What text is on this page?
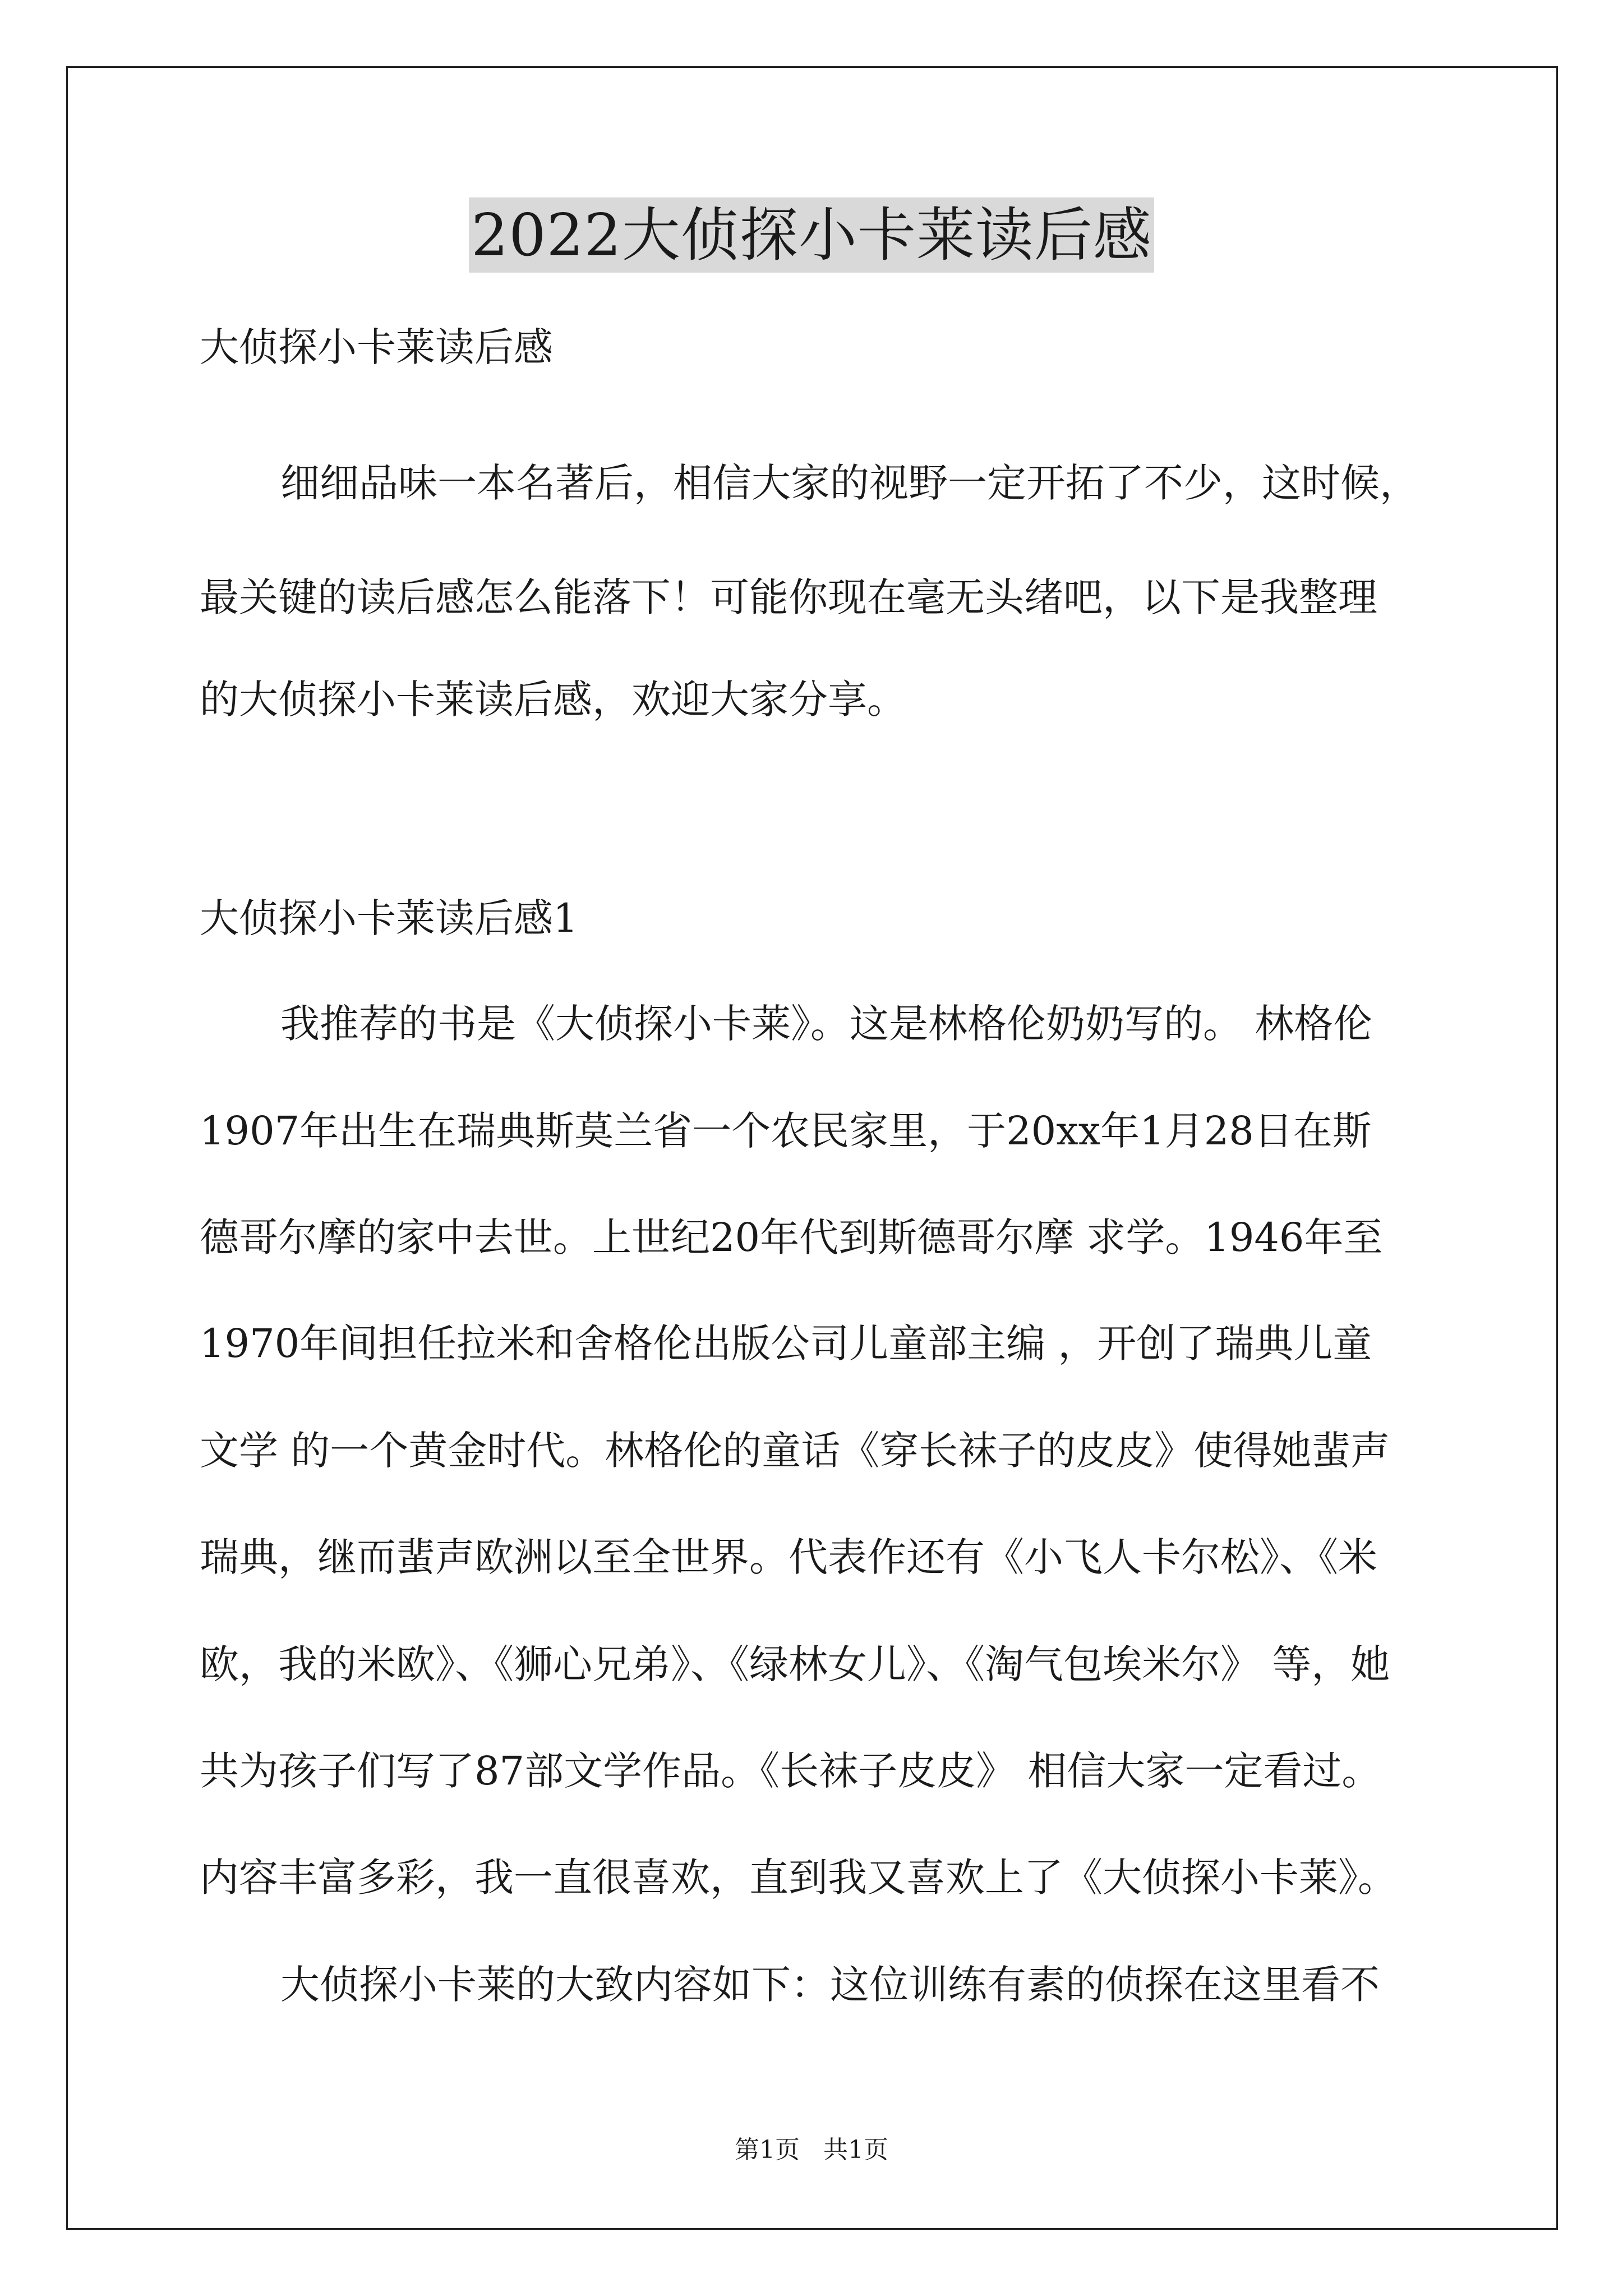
2022大侦探小卡莱读后感
大侦探小卡莱读后感
细细品味一本名著后，相信大家的视野一定开拓了不少，这时候，
最关键的读后感怎么能落下！可能你现在毫无头绪吧，以下是我整理
的大侦探小卡莱读后感，欢迎大家分享。
大侦探小卡莱读后感1
我推荐的书是《大侦探小卡莱》。这是林格伦奶奶写的。 林格伦
1907年出生在瑞典斯莫兰省一个农民家里，于20xx年1月28日在斯
德哥尔摩的家中去世。上世纪20年代到斯德哥尔摩 求学。1946年至
1970年间担任拉米和舍格伦出版公司儿童部主编 ，开创了瑞典儿童
文学 的一个黄金时代。林格伦的童话《穿长袜子的皮皮》使得她蜚声
瑞典，继而蜚声欧洲以至全世界。代表作还有《小飞人卡尔松》、《米
欧，我的米欧》、《狮心兄弟》、《绿林女儿》、《淘气包埃米尔》 等，她
共为孩子们写了87部文学作品。《长袜子皮皮》 相信大家一定看过。
内容丰富多彩，我一直很喜欢，直到我又喜欢上了《大侦探小卡莱》。
大侦探小卡莱的大致内容如下：这位训练有素的侦探在这里看不
第1页 共1页
